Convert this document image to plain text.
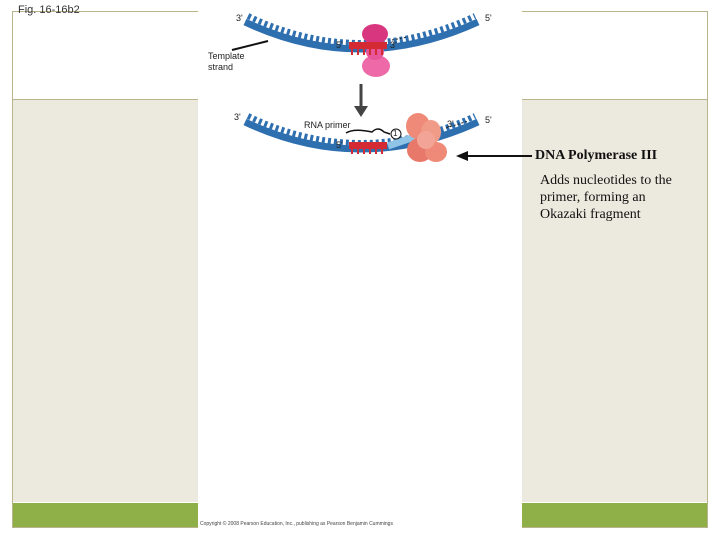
Fig. 16-16b2
3'	5'
5'	3'
Template
strand
3'	5'
RNA primer
5'
3'
1
DNA Polymerase III
Adds nucleotides to the primer, forming an Okazaki fragment
Copyright © 2008 Pearson Education, Inc., publishing as Pearson Benjamin Cummings
